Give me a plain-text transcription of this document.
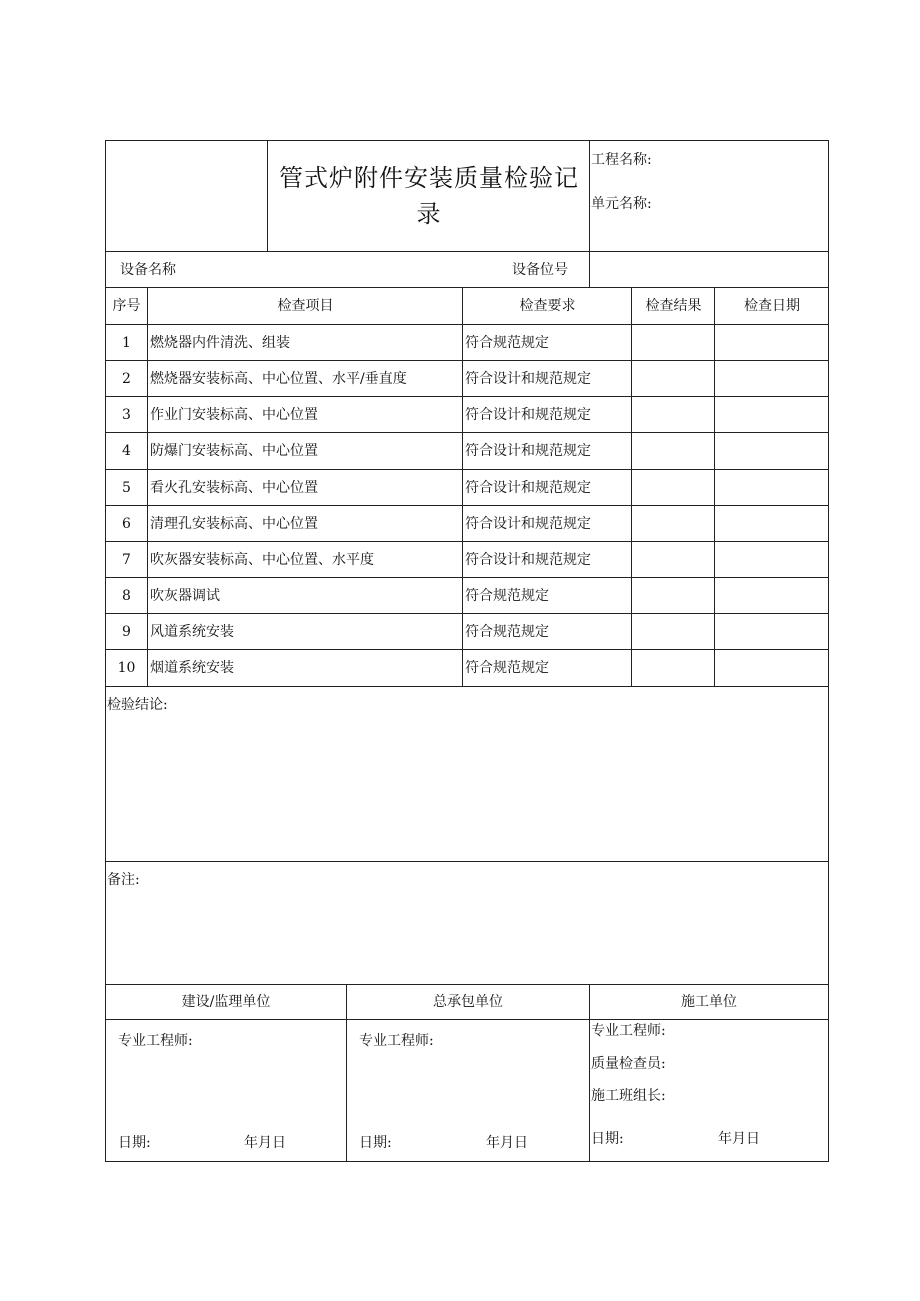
管式炉附件安装质量检验记录
工程名称:
单元名称:
设备名称	设备位号
序号	检查项目	检查要求	检查结果	检查日期
1	燃烧器内件清洗、组装	符合规范规定
2	燃烧器安装标高、中心位置、水平/垂直度	符合设计和规范规定
3	作业门安装标高、中心位置	符合设计和规范规定
4	防爆门安装标高、中心位置	符合设计和规范规定
5	看火孔安装标高、中心位置	符合设计和规范规定
6	清理孔安装标高、中心位置	符合设计和规范规定
7	吹灰器安装标高、中心位置、水平度	符合设计和规范规定
8	吹灰器调试	符合规范规定
9	风道系统安装	符合规范规定
10	烟道系统安装	符合规范规定
检验结论:
备注:
建设/监理单位	总承包单位	施工单位
专业工程师:
日期:	年月日
专业工程师:
日期:	年月日
专业工程师:
质量检查员:
施工班组长:
日期:	年月日
